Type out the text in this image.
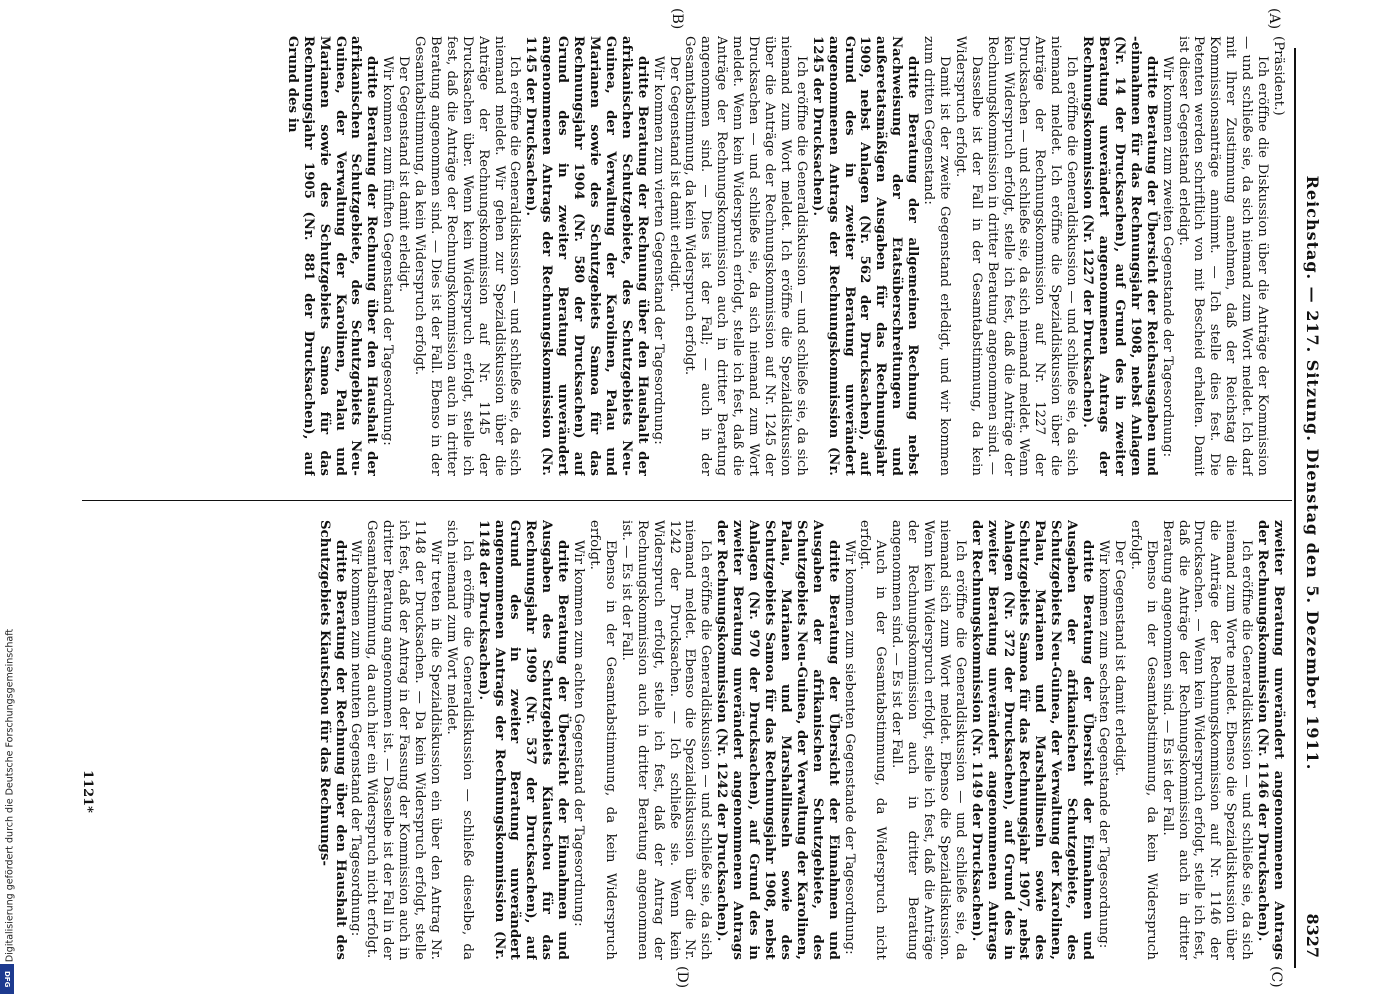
Reichstag. — 217. Sitzung. Dienstag den 5. Dezember 1911.
8327
(A)
(B)
(C)
(D)

(Präsident.)

Ich eröffne die Diskussion über die Anträge der Kommission — und schließe sie, da sich niemand zum Wort meldet. Ich darf mit Ihrer Zustimmung annehmen, daß der Reichstag die Kommissionsanträge annimmt. — Ich stelle dies fest. Die Petenten werden schriftlich von mit Bescheid erhalten. Damit ist dieser Gegenstand erledigt.

Wir kommen zum zweiten Gegenstande der Tagesordnung:

dritte Beratung der Übersicht der Reichsausgaben und -einnahmen für das Rechnungsjahr 1908, nebst Anlagen (Nr. 14 der Drucksachen), auf Grund des in zweiter Beratung unverändert angenommenen Antrags der Rechnungskommission (Nr. 1227 der Drucksachen).

Ich eröffne die Generaldiskussion — und schließe sie, da sich niemand meldet. Ich eröffne die Spezialdiskussion über die Anträge der Rechnungskommission auf Nr. 1227 der Drucksachen — und schließe sie, da sich niemand meldet. Wenn kein Widerspruch erfolgt, stelle ich fest, daß die Anträge der Rechnungskommission in dritter Beratung angenommen sind. —

Dasselbe ist der Fall in der Gesamtabstimmung, da kein Widerspruch erfolgt.

Damit ist der zweite Gegenstand erledigt, und wir kommen zum dritten Gegenstand:

dritte Beratung der allgemeinen Rechnung nebst Nachweisung der Etatsüberschreitungen und außeretatsmäßigen Ausgaben für das Rechnungsjahr 1909, nebst Anlagen (Nr. 562 der Drucksachen), auf Grund des in zweiter Beratung unverändert angenommenen Antrags der Rechnungskommission (Nr. 1245 der Drucksachen).

Ich eröffne die Generaldiskussion — und schließe sie, da sich niemand zum Wort meldet. Ich eröffne die Spezialdiskussion über die Anträge der Rechnungskommission auf Nr. 1245 der Drucksachen — und schließe sie, da sich niemand zum Wort meldet. Wenn kein Widerspruch erfolgt, stelle ich fest, daß die Anträge der Rechnungskommission auch in dritter Beratung angenommen sind. — Dies ist der Fall; — auch in der Gesamtabstimmung, da kein Widerspruch erfolgt.

Der Gegenstand ist damit erledigt.

Wir kommen zum vierten Gegenstand der Tagesordnung:

dritte Beratung der Rechnung über den Haushalt der afrikanischen Schutzgebiete, des Schutzgebiets Neu-Guinea, der Verwaltung der Karolinen, Palau und Marianen sowie des Schutzgebiets Samoa für das Rechnungsjahr 1904 (Nr. 580 der Drucksachen) auf Grund des in zweiter Beratung unverändert angenommenen Antrags der Rechnungskommission (Nr. 1145 der Drucksachen).

Ich eröffne die Generaldiskussion — und schließe sie, da sich niemand meldet. Wir gehen zur Spezialdiskussion über die Anträge der Rechnungskommission auf Nr. 1145 der Drucksachen über. Wenn kein Widerspruch erfolgt, stelle ich fest, daß die Anträge der Rechnungskommission auch in dritter Beratung angenommen sind. — Dies ist der Fall. Ebenso in der Gesamtabstimmung, da kein Widerspruch erfolgt.

Der Gegenstand ist damit erledigt.

Wir kommen zum fünften Gegenstand der Tagesordnung:

dritte Beratung der Rechnung über den Haushalt der afrikanischen Schutzgebiete, des Schutzgebiets Neu-Guinea, der Verwaltung der Karolinen, Palau und Marianen sowie des Schutzgebiets Samoa für das Rechnungsjahr 1905 (Nr. 881 der Drucksachen), auf Grund des in

zweiter Beratung unverändert angenommenen Antrags der Rechnungskommission (Nr. 1146 der Drucksachen).

Ich eröffne die Generaldiskussion — und schließe sie, da sich niemand zum Worte meldet. Ebenso die Spezialdiskussion über die Anträge der Rechnungskommission auf Nr. 1146 der Drucksachen. — Wenn kein Widerspruch erfolgt, stelle ich fest, daß die Anträge der Rechnungskommission auch in dritter Beratung angenommen sind. — Es ist der Fall.

Ebenso in der Gesamtabstimmung, da kein Widerspruch erfolgt.

Der Gegenstand ist damit erledigt.

Wir kommen zum sechsten Gegenstande der Tagesordnung:

dritte Beratung der Übersicht der Einnahmen und Ausgaben der afrikanischen Schutzgebiete, des Schutzgebiets Neu-Guinea, der Verwaltung der Karolinen, Palau, Marianen und Marshallinseln sowie des Schutzgebiets Samoa für das Rechnungsjahr 1907, nebst Anlagen (Nr. 372 der Drucksachen), auf Grund des in zweiter Beratung unverändert angenommenen Antrags der Rechnungskommission (Nr. 1149 der Drucksachen).

Ich eröffne die Generaldiskussion — und schließe sie, da niemand sich zum Wort meldet. Ebenso die Spezialdiskussion. Wenn kein Widerspruch erfolgt, stelle ich fest, daß die Anträge der Rechnungskommission auch in dritter Beratung angenommen sind. — Es ist der Fall.

Auch in der Gesamtabstimmung, da Widerspruch nicht erfolgt.

Wir kommen zum siebenten Gegenstande der Tagesordnung:

dritte Beratung der Übersicht der Einnahmen und Ausgaben der afrikanischen Schutzgebiete, des Schutzgebiets Neu-Guinea, der Verwaltung der Karolinen, Palau, Marianen und Marshallinseln sowie des Schutzgebiets Samoa für das Rechnungsjahr 1908, nebst Anlagen (Nr. 970 der Drucksachen), auf Grund des in zweiter Beratung unverändert angenommenen Antrags der Rechnungskommission (Nr. 1242 der Drucksachen).

Ich eröffne die Generaldiskussion — und schließe sie, da sich niemand meldet. Ebenso die Spezialdiskussion über die Nr. 1242 der Drucksachen. — Ich schließe sie. Wenn kein Widerspruch erfolgt, stelle ich fest, daß der Antrag der Rechnungskommission auch in dritter Beratung angenommen ist. — Es ist der Fall.

Ebenso in der Gesamtabstimmung, da kein Widerspruch erfolgt.

Wir kommen zum achten Gegenstand der Tagesordnung:

dritte Beratung der Übersicht der Einnahmen und Ausgaben des Schutzgebiets Kiautschou für das Rechnungsjahr 1909 (Nr. 537 der Drucksachen), auf Grund des in zweiter Beratung unverändert angenommenen Antrags der Rechnungskommission (Nr. 1148 der Drucksachen).

Ich eröffne die Generaldiskussion — schließe dieselbe, da sich niemand zum Wort meldet.

Wir treten in die Spezialdiskussion ein über den Antrag Nr. 1148 der Drucksachen. — Da kein Widerspruch erfolgt, stelle ich fest, daß der Antrag in der Fassung der Kommission auch in dritter Beratung angenommen ist. — Dasselbe ist der Fall in der Gesamtabstimmung, da auch hier ein Widerspruch nicht erfolgt.

Wir kommen zum neunten Gegenstand der Tagesordnung:

dritte Beratung der Rechnung über den Haushalt des Schutzgebiets Kiautschou für das Rechnungs-

1121*
Digitalisierung gefördert durch die Deutsche Forschungsgemeinschaft
DFG
